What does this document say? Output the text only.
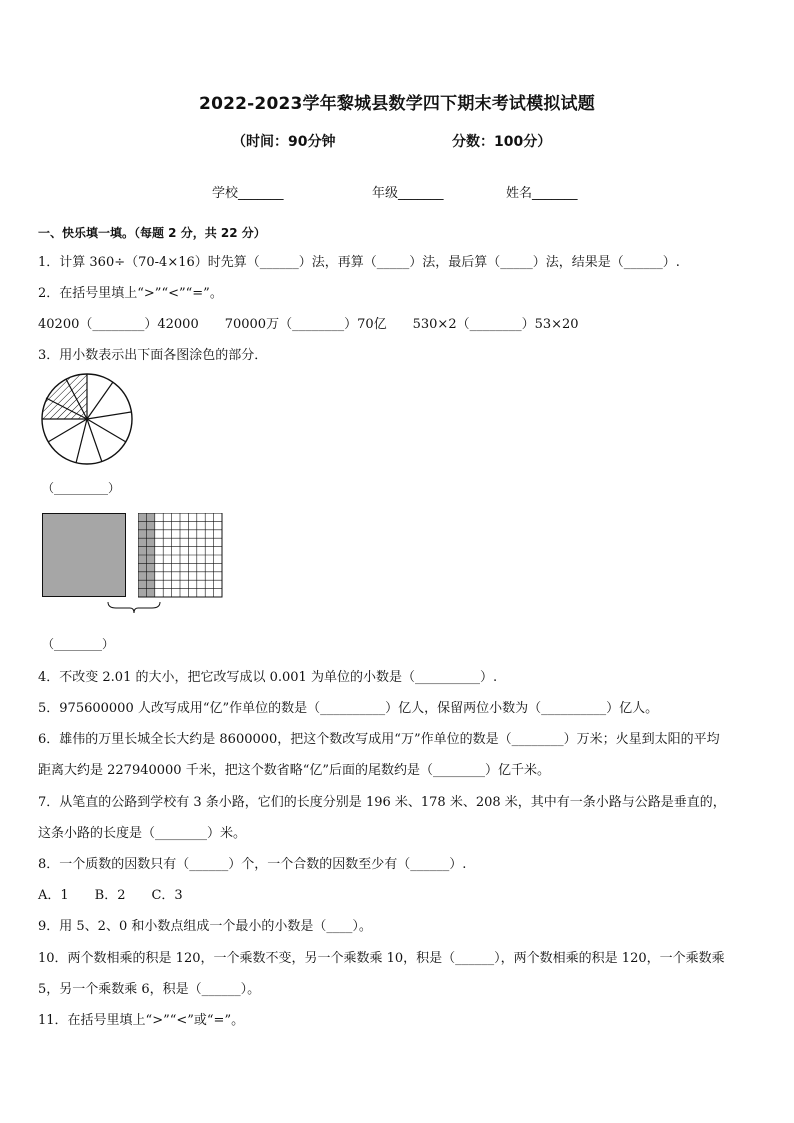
2022-2023学年黎城县数学四下期末考试模拟试题
（时间：90分钟	分数：100分）
学校_______	年级_______	姓名_______
一、快乐填一填。（每题 2 分，共 22 分）
1．计算 360÷（70-4×16）时先算（______）法，再算（_____）法，最后算（_____）法，结果是（______）.
2．在括号里填上“>”“<”“=”。
40200（________）42000　　70000万（________）70亿　　530×2（________）53×20
3．用小数表示出下面各图涂色的部分．
（_________）
（________）
4．不改变 2.01 的大小，把它改写成以 0.001 为单位的小数是（__________）.
5．975600000 人改写成用“亿”作单位的数是（__________）亿人，保留两位小数为（__________）亿人。
6．雄伟的万里长城全长大约是 8600000，把这个数改写成用“万”作单位的数是（________）万米；火星到太阳的平均
距离大约是 227940000 千米，把这个数省略“亿”后面的尾数约是（________）亿千米。
7．从笔直的公路到学校有 3 条小路，它们的长度分别是 196 米、178 米、208 米，其中有一条小路与公路是垂直的，
这条小路的长度是（________）米。
8．一个质数的因数只有（______）个，一个合数的因数至少有（______）.
A．1　　B．2　　C．3
9．用 5、2、0 和小数点组成一个最小的小数是（____）。
10．两个数相乘的积是 120，一个乘数不变，另一个乘数乘 10，积是（______），两个数相乘的积是 120，一个乘数乘
5，另一个乘数乘 6，积是（______）。
11．在括号里填上“>”“<”或“=”。
